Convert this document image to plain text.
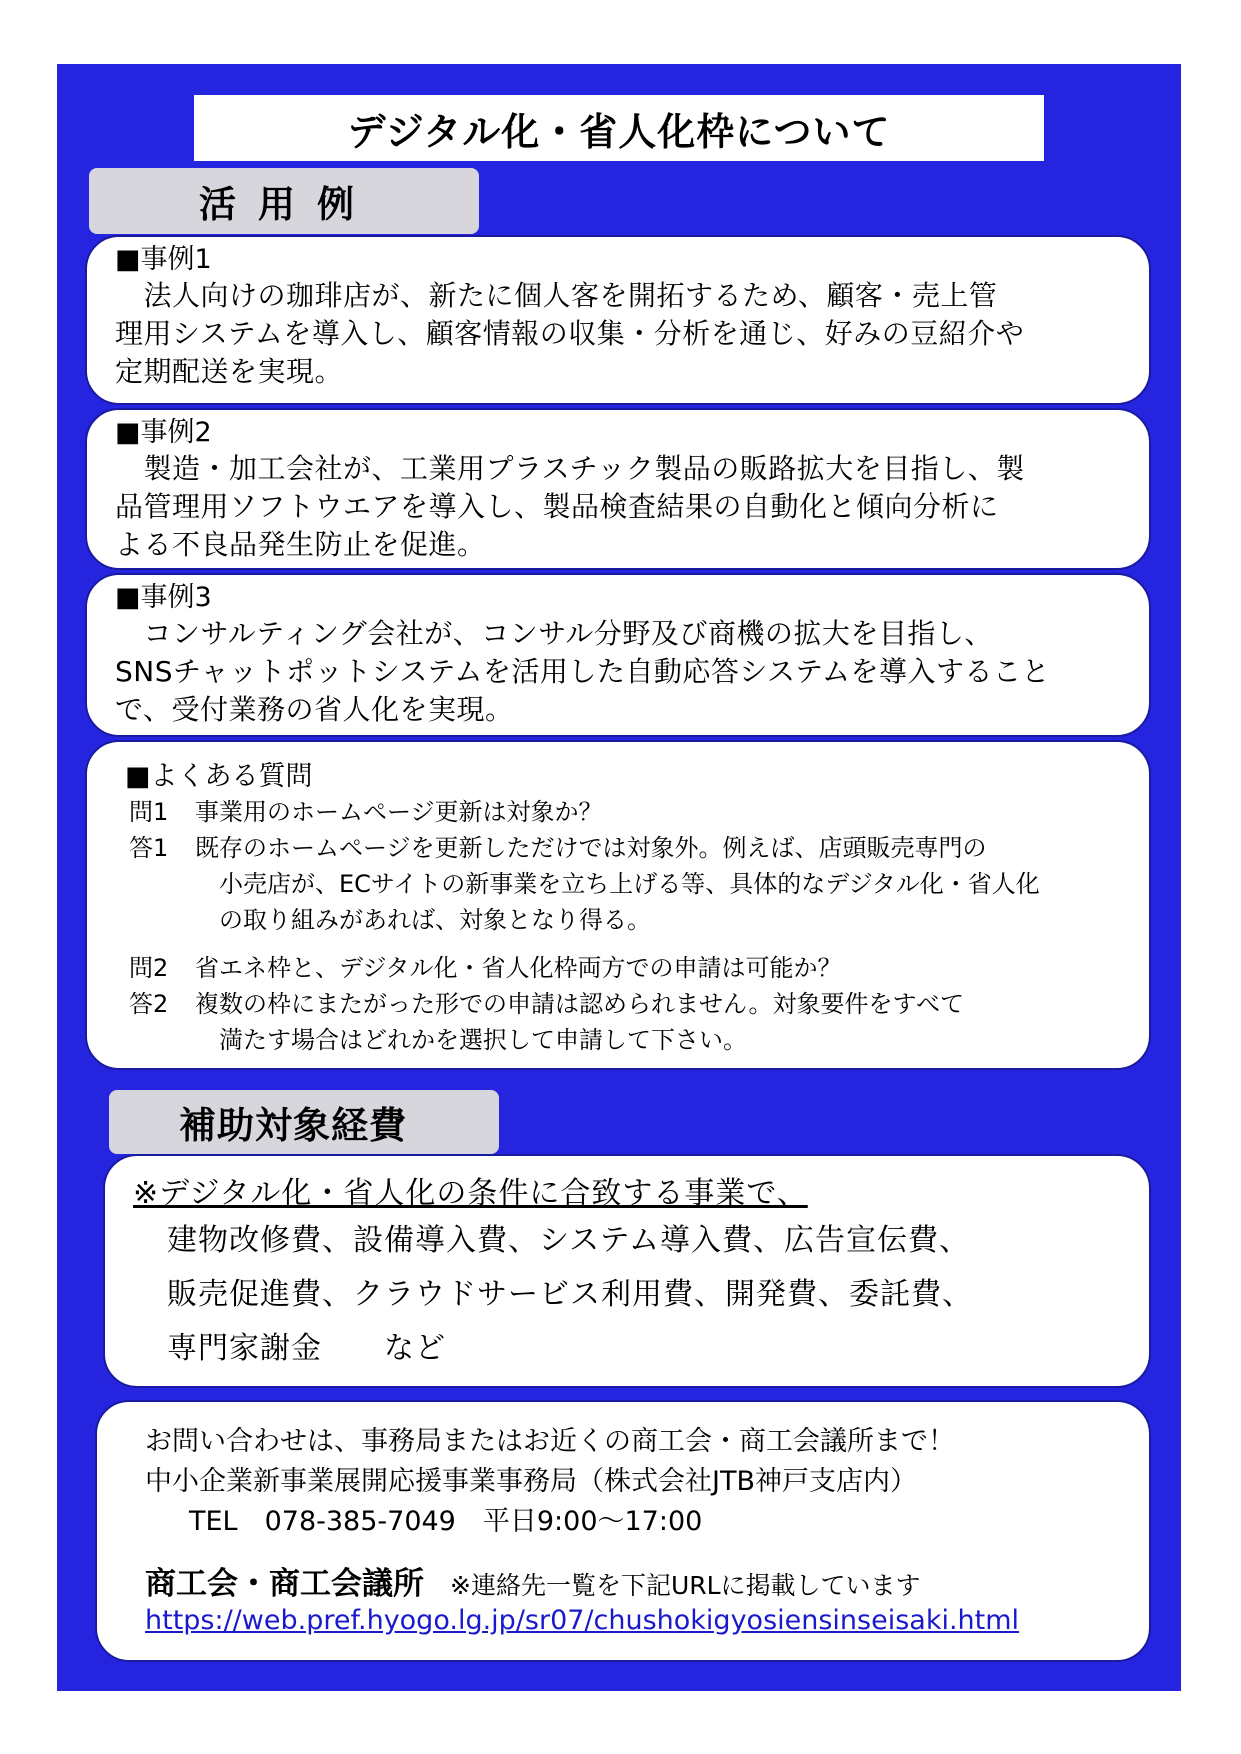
デジタル化・省人化枠について
活用例
■事例1
　法人向けの珈琲店が、新たに個人客を開拓するため、顧客・売上管
理用システムを導入し、顧客情報の収集・分析を通じ、好みの豆紹介や
定期配送を実現。
■事例2
　製造・加工会社が、工業用プラスチック製品の販路拡大を目指し、製
品管理用ソフトウエアを導入し、製品検査結果の自動化と傾向分析に
よる不良品発生防止を促進。
■事例3
　コンサルティング会社が、コンサル分野及び商機の拡大を目指し、
SNSチャットポットシステムを活用した自動応答システムを導入すること
で、受付業務の省人化を実現。
■よくある質問
問1	事業用のホームページ更新は対象か？
答1	既存のホームページを更新しただけでは対象外。例えば、店頭販売専門の
小売店が、ECサイトの新事業を立ち上げる等、具体的なデジタル化・省人化
の取り組みがあれば、対象となり得る。
問2	省エネ枠と、デジタル化・省人化枠両方での申請は可能か？
答2	複数の枠にまたがった形での申請は認められません。対象要件をすべて
満たす場合はどれかを選択して申請して下さい。
補助対象経費
※デジタル化・省人化の条件に合致する事業で、
建物改修費、設備導入費、システム導入費、広告宣伝費、
販売促進費、クラウドサービス利用費、開発費、委託費、
専門家謝金　　など
お問い合わせは、事務局またはお近くの商工会・商工会議所まで！
中小企業新事業展開応援事業事務局（株式会社JTB神戸支店内）
TEL　078-385-7049　平日9:00～17:00
商工会・商工会議所 ※連絡先一覧を下記URLに掲載しています
https://web.pref.hyogo.lg.jp/sr07/chushokigyosiensinseisaki.html
